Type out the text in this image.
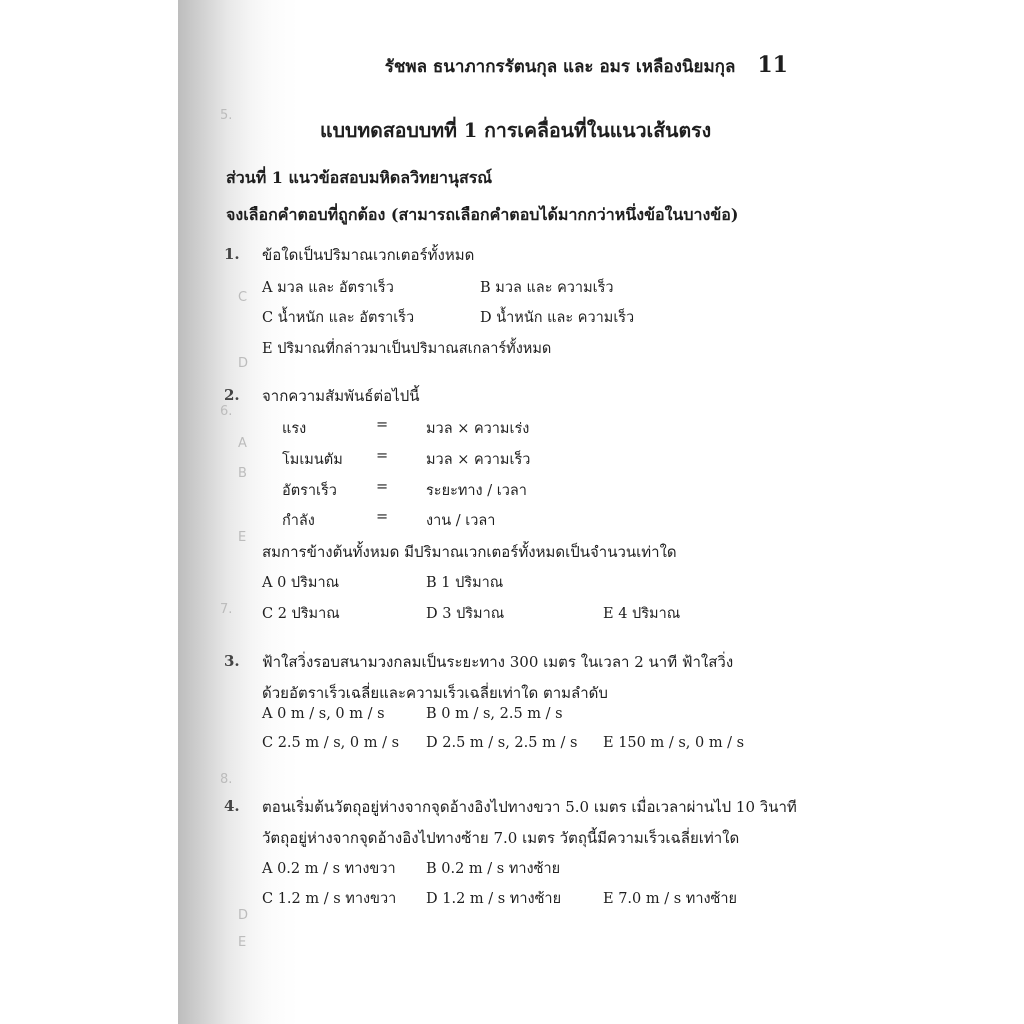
5.
C
D
6.
A
B
E
7.
8.
D
E
รัชพล ธนาภากรรัตนกุล และ อมร เหลืองนิยมกุล 11
แบบทดสอบบทที่ 1 การเคลื่อนที่ในแนวเส้นตรง
ส่วนที่ 1 แนวข้อสอบมหิดลวิทยานุสรณ์
จงเลือกคำตอบที่ถูกต้อง (สามารถเลือกคำตอบได้มากกว่าหนึ่งข้อในบางข้อ)
1. ข้อใดเป็นปริมาณเวกเตอร์ทั้งหมด
A มวล และ อัตราเร็ว	B มวล และ ความเร็ว
C น้ำหนัก และ อัตราเร็ว	D น้ำหนัก และ ความเร็ว
E ปริมาณที่กล่าวมาเป็นปริมาณสเกลาร์ทั้งหมด
2. จากความสัมพันธ์ต่อไปนี้
แรง	=	มวล × ความเร่ง
โมเมนตัม =	มวล × ความเร็ว
อัตราเร็ว	=	ระยะทาง / เวลา
กำลัง	=	งาน / เวลา
สมการข้างต้นทั้งหมด มีปริมาณเวกเตอร์ทั้งหมดเป็นจำนวนเท่าใด
A 0 ปริมาณ	B 1 ปริมาณ
C 2 ปริมาณ	D 3 ปริมาณ	E 4 ปริมาณ
3. ฟ้าใสวิ่งรอบสนามวงกลมเป็นระยะทาง 300 เมตร ในเวลา 2 นาที ฟ้าใสวิ่ง
ด้วยอัตราเร็วเฉลี่ยและความเร็วเฉลี่ยเท่าใด ตามลำดับ
A 0 m / s, 0 m / s	B 0 m / s, 2.5 m / s
C 2.5 m / s, 0 m / s D 2.5 m / s, 2.5 m / s E 150 m / s, 0 m / s
4. ตอนเริ่มต้นวัตถุอยู่ห่างจากจุดอ้างอิงไปทางขวา 5.0 เมตร เมื่อเวลาผ่านไป 10 วินาที
วัตถุอยู่ห่างจากจุดอ้างอิงไปทางซ้าย 7.0 เมตร วัตถุนี้มีความเร็วเฉลี่ยเท่าใด
A 0.2 m / s ทางขวา B 0.2 m / s ทางซ้าย
C 1.2 m / s ทางขวา D 1.2 m / s ทางซ้าย	E 7.0 m / s ทางซ้าย
